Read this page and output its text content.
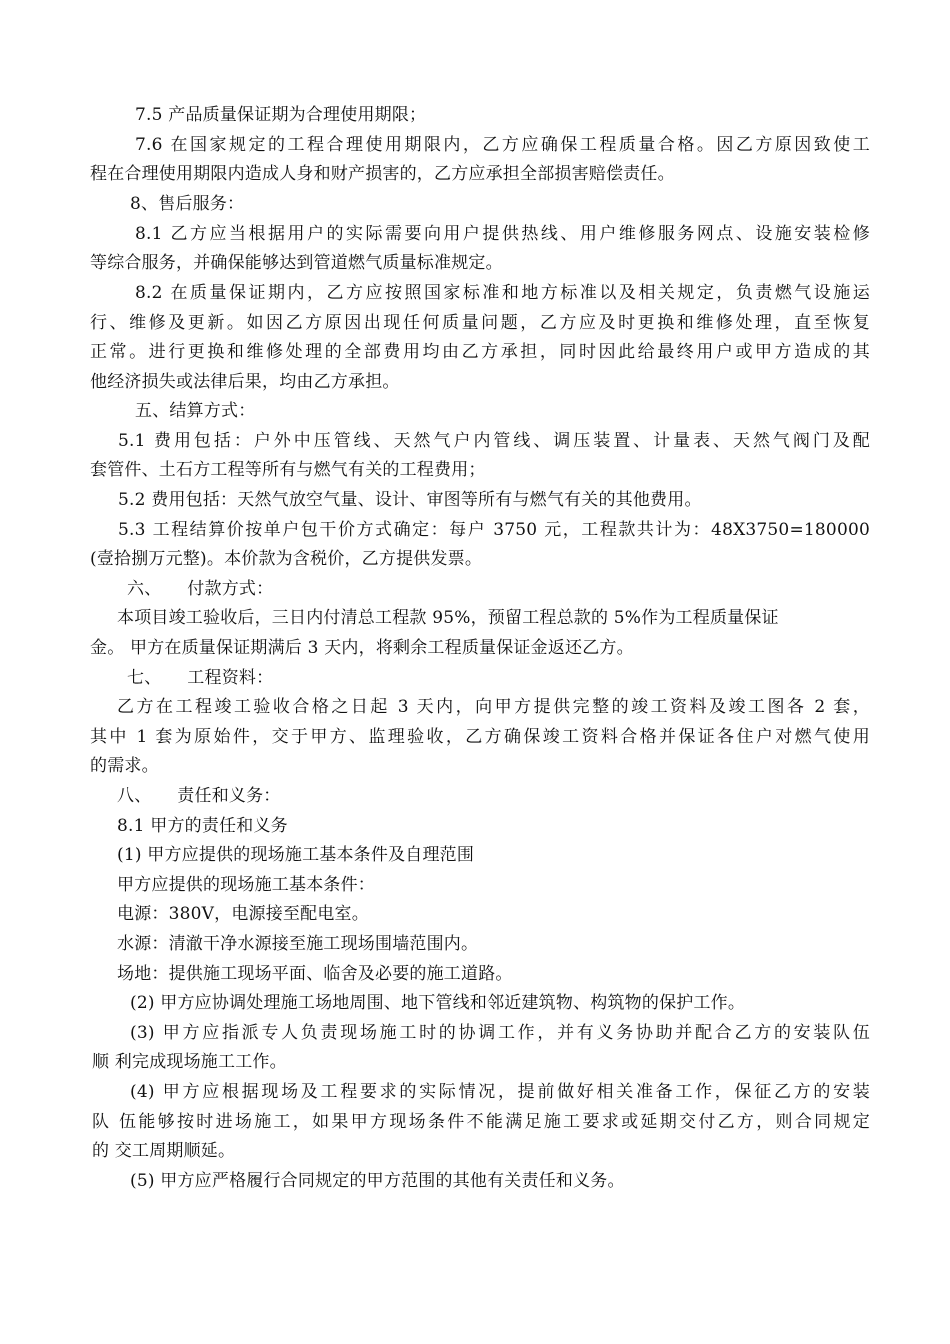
7.5 产品质量保证期为合理使用期限；
7.6 在国家规定的工程合理使用期限内，乙方应确保工程质量合格。因乙方原因致使工
程在合理使用期限内造成人身和财产损害的，乙方应承担全部损害赔偿责任。
8、售后服务：
8.1 乙方应当根据用户的实际需要向用户提供热线、用户维修服务网点、设施安装检修
等综合服务，并确保能够达到管道燃气质量标准规定。
8.2 在质量保证期内，乙方应按照国家标准和地方标准以及相关规定，负责燃气设施运
行、维修及更新。如因乙方原因出现任何质量问题，乙方应及时更换和维修处理，直至恢复
正常。进行更换和维修处理的全部费用均由乙方承担，同时因此给最终用户或甲方造成的其
他经济损失或法律后果，均由乙方承担。
五、结算方式：
5.1 费用包括：户外中压管线、天然气户内管线、调压装置、计量表、天然气阀门及配
套管件、土石方工程等所有与燃气有关的工程费用；
5.2 费用包括：天然气放空气量、设计、审图等所有与燃气有关的其他费用。
5.3 工程结算价按单户包干价方式确定：每户 3750 元，工程款共计为：48X3750=180000
(壹拾捌万元整)。本价款为含税价，乙方提供发票。
六、　　付款方式：
本项目竣工验收后，三日内付清总工程款 95%，预留工程总款的 5%作为工程质量保证
金。 甲方在质量保证期满后 3 天内，将剩余工程质量保证金返还乙方。
七、　　工程资料：
乙方在工程竣工验收合格之日起 3 天内，向甲方提供完整的竣工资料及竣工图各 2 套，
其中 1 套为原始件，交于甲方、监理验收，乙方确保竣工资料合格并保证各住户对燃气使用
的需求。
八、　　责任和义务：
8.1 甲方的责任和义务
(1) 甲方应提供的现场施工基本条件及自理范围
甲方应提供的现场施工基本条件：
电源：380V，电源接至配电室。
水源：清澈干净水源接至施工现场围墙范围内。
场地：提供施工现场平面、临舍及必要的施工道路。
(2) 甲方应协调处理施工场地周围、地下管线和邻近建筑物、构筑物的保护工作。
(3) 甲方应指派专人负责现场施工时的协调工作，并有义务协助并配合乙方的安装队伍
顺 利完成现场施工工作。
(4) 甲方应根据现场及工程要求的实际情况，提前做好相关准备工作，保征乙方的安装
队 伍能够按时进场施工，如果甲方现场条件不能满足施工要求或延期交付乙方，则合同规定
的 交工周期顺延。
(5) 甲方应严格履行合同规定的甲方范围的其他有关责任和义务。
